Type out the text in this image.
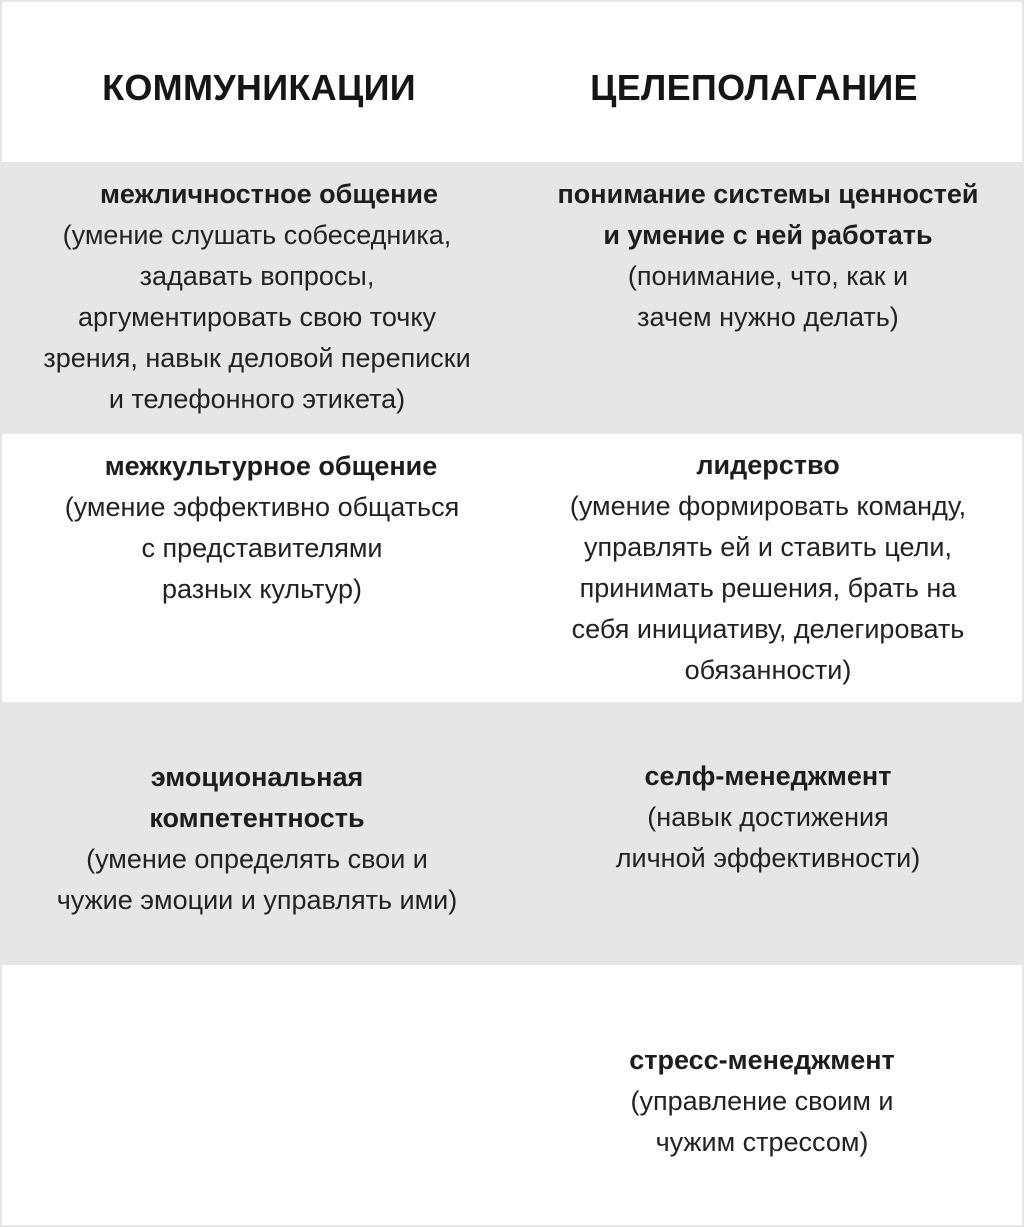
КОММУНИКАЦИИ	ЦЕЛЕПОЛАГАНИЕ
межличностное общение
(умение слушать собеседника,
задавать вопросы,
аргументировать свою точку
зрения, навык деловой переписки
и телефонного этикета)
понимание системы ценностей
и умение с ней работать
(понимание, что, как и
зачем нужно делать)
межкультурное общение
(умение эффективно общаться
с представителями
разных культур)
лидерство
(умение формировать команду,
управлять ей и ставить цели,
принимать решения, брать на
себя инициативу, делегировать
обязанности)
эмоциональная
компетентность
(умение определять свои и
чужие эмоции и управлять ими)
селф-менеджмент
(навык достижения
личной эффективности)
стресс-менеджмент
(управление своим и
чужим стрессом)
